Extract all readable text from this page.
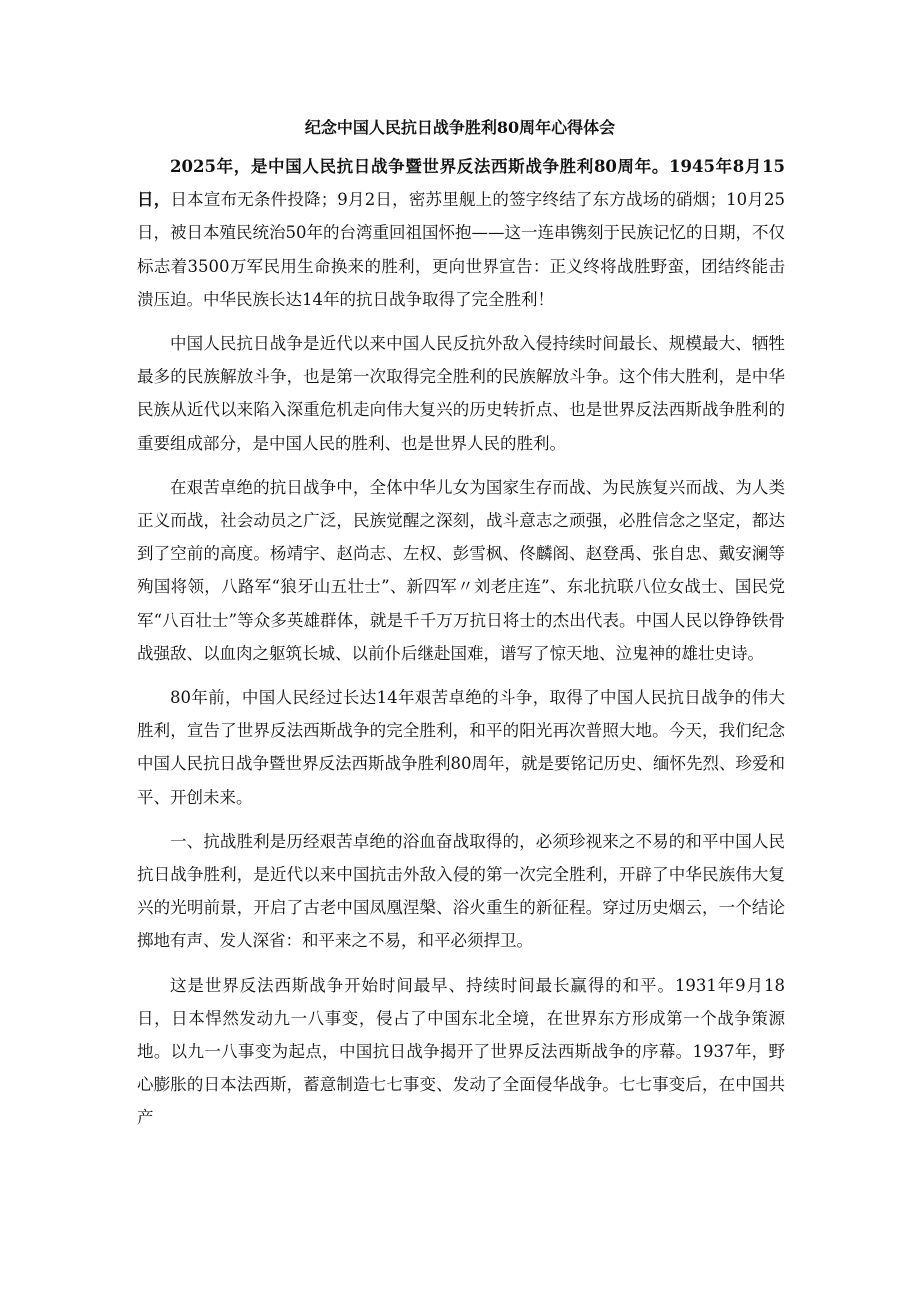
纪念中国人民抗日战争胜利80周年心得体会

2025年，是中国人民抗日战争暨世界反法西斯战争胜利80周年。1945年8月15日，日本宣布无条件投降；9月2日，密苏里舰上的签字终结了东方战场的硝烟；10月25日，被日本殖民统治50年的台湾重回祖国怀抱——这一连串镌刻于民族记忆的日期，不仅标志着3500万军民用生命换来的胜利，更向世界宣告：正义终将战胜野蛮，团结终能击溃压迫。中华民族长达14年的抗日战争取得了完全胜利！

中国人民抗日战争是近代以来中国人民反抗外敌入侵持续时间最长、规模最大、牺牲最多的民族解放斗争，也是第一次取得完全胜利的民族解放斗争。这个伟大胜利，是中华民族从近代以来陷入深重危机走向伟大复兴的历史转折点、也是世界反法西斯战争胜利的重要组成部分，是中国人民的胜利、也是世界人民的胜利。

在艰苦卓绝的抗日战争中，全体中华儿女为国家生存而战、为民族复兴而战、为人类正义而战，社会动员之广泛，民族觉醒之深刻，战斗意志之顽强，必胜信念之坚定，都达到了空前的高度。杨靖宇、赵尚志、左权、彭雪枫、佟麟阁、赵登禹、张自忠、戴安澜等殉国将领，八路军“狼牙山五壮士”、新四军〃刘老庄连”、东北抗联八位女战士、国民党军“八百壮士”等众多英雄群体，就是千千万万抗日将士的杰出代表。中国人民以铮铮铁骨战强敌、以血肉之躯筑长城、以前仆后继赴国难，谱写了惊天地、泣鬼神的雄壮史诗。

80年前，中国人民经过长达14年艰苦卓绝的斗争，取得了中国人民抗日战争的伟大胜利，宣告了世界反法西斯战争的完全胜利，和平的阳光再次普照大地。今天，我们纪念中国人民抗日战争暨世界反法西斯战争胜利80周年，就是要铭记历史、缅怀先烈、珍爱和平、开创未来。

一、抗战胜利是历经艰苦卓绝的浴血奋战取得的，必须珍视来之不易的和平中国人民抗日战争胜利，是近代以来中国抗击外敌入侵的第一次完全胜利，开辟了中华民族伟大复兴的光明前景，开启了古老中国凤凰涅槃、浴火重生的新征程。穿过历史烟云，一个结论掷地有声、发人深省：和平来之不易，和平必须捍卫。

这是世界反法西斯战争开始时间最早、持续时间最长赢得的和平。1931年9月18日，日本悍然发动九一八事变，侵占了中国东北全境，在世界东方形成第一个战争策源地。以九一八事变为起点，中国抗日战争揭开了世界反法西斯战争的序幕。1937年，野心膨胀的日本法西斯，蓄意制造七七事变、发动了全面侵华战争。七七事变后，在中国共产
